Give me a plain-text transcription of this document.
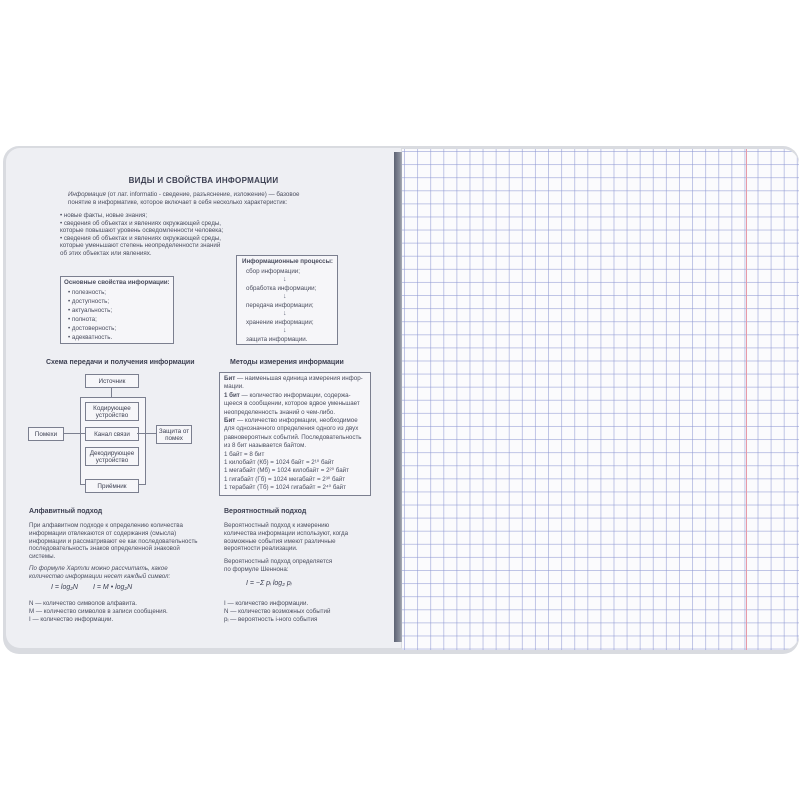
ВИДЫ И СВОЙСТВА ИНФОРМАЦИИ
Информация (от лат. informatio - сведение, разъяснение, изложение) — базовое
понятие в информатике, которое включает в себя несколько характеристик:
• новые факты, новые знания;
• сведения об объектах и явлениях окружающей среды,
которые повышают уровень осведомленности человека;
• сведения об объектах и явлениях окружающей среды,
которые уменьшают степень неопределенности знаний
об этих объектах или явлениях.
Информационные процессы:
сбор информации;
↓
обработка информации;
↓
передача информации;
↓
хранение информации;
↓
защита информации.
Основные свойства информации:
• полезность;
• доступность;
• актуальность;
• полнота;
• достоверность;
• адекватность.
Схема передачи и получения информации
Источник
Кодирующее устройство
Канал связи
Декодирующее устройство
Приёмник
Помехи	Защита от помех
Методы измерения информации
Бит — наименьшая единица измерения инфор-
мации.
1 бит — количество информации, содержа-
щееся в сообщении, которое вдвое уменьшает
неопределенность знаний о чем-либо.
Бит — количество информации, необходимое
для однозначного определения одного из двух
равновероятных событий. Последовательность
из 8 бит называется байтом.
1 байт = 8 бит
1 килобайт (Кб) = 1024 байт = 2¹⁰ байт
1 мегабайт (Мб) = 1024 килобайт = 2²⁰ байт
1 гигабайт (Гб) = 1024 мегабайт = 2³⁰ байт
1 терабайт (Тб) = 1024 гигабайт = 2⁴⁰ байт
Алфавитный подход
При алфавитном подходе к определению количества
информации отвлекаются от содержания (смысла)
информации и рассматривают ее как последовательность
последовательность знаков определенной знаковой
системы.
По формуле Хартли можно рассчитать, какое
количество информации несет каждый символ:
I = log₂N I = M • log₂N
N — количество символов алфавита.
M — количество символов в записи сообщения.
I — количество информации.
Вероятностный подход
Вероятностный подход к измерению
количества информации используют, когда
возможные события имеют различные
вероятности реализации.
Вероятностный подход определяется
по формуле Шеннона:
I = −Σ pᵢ log₂ pᵢ
I — количество информации.
N — количество возможных событий
pᵢ — вероятность i-ного события
